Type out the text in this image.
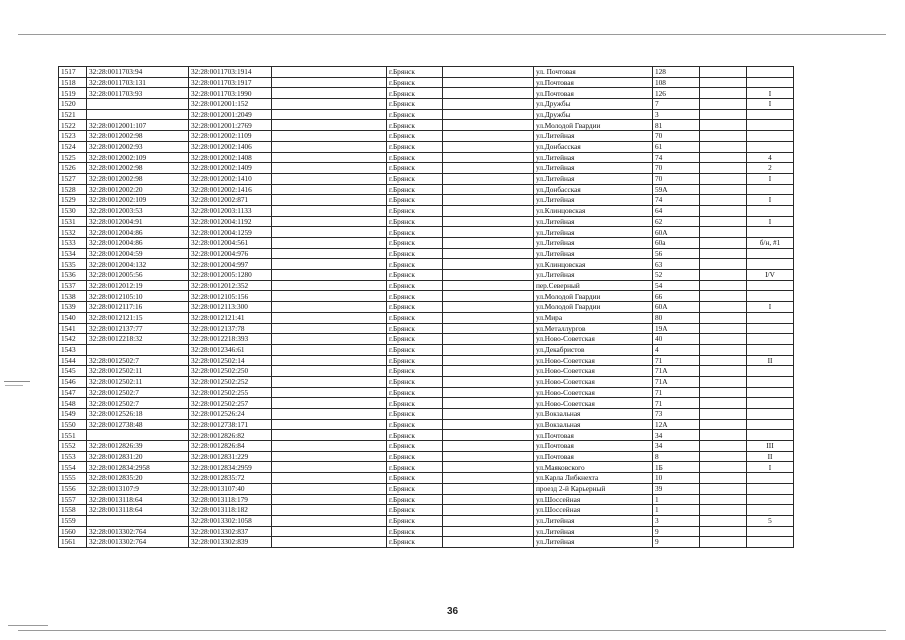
1517	32:28:0011703:94	32:28:0011703:1914		г.Брянск		ул. Почтовая	128		
1518	32:28:0011703:131	32:28:0011703:1917		г.Брянск		ул.Почтовая	108		
1519	32:28:0011703:93	32:28:0011703:1990		г.Брянск		ул.Почтовая	126		I
1520		32:28:0012001:152		г.Брянск		ул.Дружбы	7		I
1521		32:28:0012001:2049		г.Брянск		ул.Дружбы	3		
1522	32:28:0012001:107	32:28:0012001:2769		г.Брянск		ул.Молодой Гвардии	81		
1523	32:28:0012002:98	32:28:0012002:1109		г.Брянск		ул.Литейная	70		
1524	32:28:0012002:93	32:28:0012002:1406		г.Брянск		ул.Донбасская	61		
1525	32:28:0012002:109	32:28:0012002:1408		г.Брянск		ул.Литейная	74		4
1526	32:28:0012002:98	32:28:0012002:1409		г.Брянск		ул.Литейная	70		2
1527	32:28:0012002:98	32:28:0012002:1410		г.Брянск		ул.Литейная	70		I
1528	32:28:0012002:20	32:28:0012002:1416		г.Брянск		ул.Донбасская	59А		
1529	32:28:0012002:109	32:28:0012002:871		г.Брянск		ул.Литейная	74		I
1530	32:28:0012003:53	32:28:0012003:1133		г.Брянск		ул.Клинцовская	64		
1531	32:28:0012004:91	32:28:0012004:1192		г.Брянск		ул.Литейная	62		I
1532	32:28:0012004:86	32:28:0012004:1259		г.Брянск		ул.Литейная	60А		
1533	32:28:0012004:86	32:28:0012004:561		г.Брянск		ул.Литейная	60а		б/н, #1
1534	32:28:0012004:59	32:28:0012004:976		г.Брянск		ул.Литейная	56		
1535	32:28:0012004:132	32:28:0012004:997		г.Брянск		ул.Клинцовская	63		
1536	32:28:0012005:56	32:28:0012005:1280		г.Брянск		ул.Литейная	52		I/V
1537	32:28:0012012:19	32:28:0012012:352		г.Брянск		пер.Северный	54		
1538	32:28:0012105:10	32:28:0012105:156		г.Брянск		ул.Молодой Гвардии	66		
1539	32:28:0012117:16	32:28:0012113:300		г.Брянск		ул.Молодой Гвардии	60А		I
1540	32:28:0012121:15	32:28:0012121:41		г.Брянск		ул.Мира	80		
1541	32:28:0012137:77	32:28:0012137:78		г.Брянск		ул.Металлургов	19А		
1542	32:28:0012218:32	32:28:0012218:393		г.Брянск		ул.Ново-Советская	40		
1543		32:28:0012346:61		г.Брянск		ул.Декабристов	4		
1544	32:28:0012502:7	32:28:0012502:14		г.Брянск		ул.Ново-Советская	71		II
1545	32:28:0012502:11	32:28:0012502:250		г.Брянск		ул.Ново-Советская	71А		
1546	32:28:0012502:11	32:28:0012502:252		г.Брянск		ул.Ново-Советская	71А		
1547	32:28:0012502:7	32:28:0012502:255		г.Брянск		ул.Ново-Советская	71		
1548	32:28:0012502:7	32:28:0012502:257		г.Брянск		ул.Ново-Советская	71		
1549	32:28:0012526:18	32:28:0012526:24		г.Брянск		ул.Вокзальная	73		
1550	32:28:0012738:48	32:28:0012738:171		г.Брянск		ул.Вокзальная	12А		
1551		32:28:0012826:82		г.Брянск		ул.Почтовая	34		
1552	32:28:0012826:39	32:28:0012826:84		г.Брянск		ул.Почтовая	34		III
1553	32:28:0012831:20	32:28:0012831:229		г.Брянск		ул.Почтовая	8		II
1554	32:28:0012834:2958	32:28:0012834:2959		г.Брянск		ул.Маяковского	1Б		I
1555	32:28:0012835:20	32:28:0012835:72		г.Брянск		ул.Карла Либкнехта	10		
1556	32:28:0013107:9	32:28:0013107:40		г.Брянск		проезд 2-й Карьерный	39		
1557	32:28:0013118:64	32:28:0013118:179		г.Брянск		ул.Шоссейная	1		
1558	32:28:0013118:64	32:28:0013118:182		г.Брянск		ул.Шоссейная	1		
1559		32:28:0013302:1058		г.Брянск		ул.Литейная	3		5
1560	32:28:0013302:764	32:28:0013302:837		г.Брянск		ул.Литейная	9		
1561	32:28:0013302:764	32:28:0013302:839		г.Брянск		ул.Литейная	9		
36
